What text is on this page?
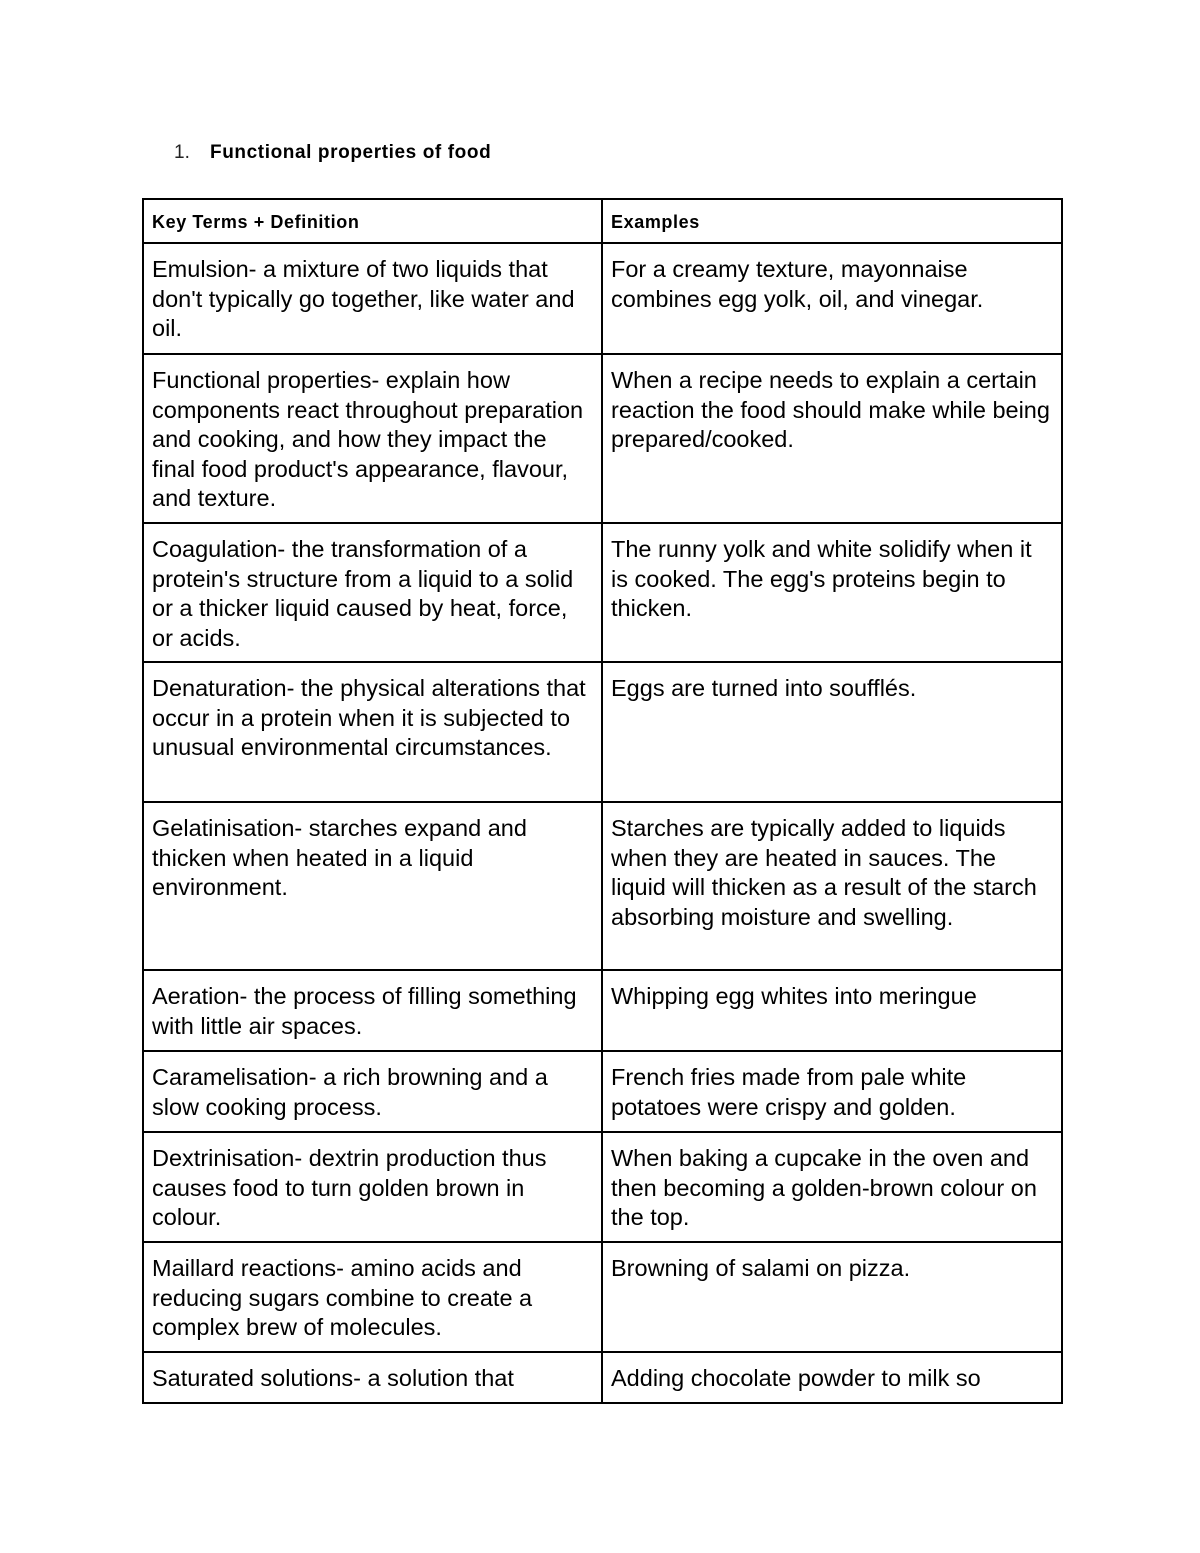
1. Functional properties of food
Key Terms + Definition	Examples
Emulsion- a mixture of two liquids that don't typically go together, like water and oil.	For a creamy texture, mayonnaise combines egg yolk, oil, and vinegar.
Functional properties- explain how components react throughout preparation and cooking, and how they impact the final food product's appearance, flavour, and texture.	When a recipe needs to explain a certain reaction the food should make while being prepared/cooked.
Coagulation- the transformation of a protein's structure from a liquid to a solid or a thicker liquid caused by heat, force, or acids.	The runny yolk and white solidify when it is cooked. The egg's proteins begin to thicken.
Denaturation- the physical alterations that occur in a protein when it is subjected to unusual environmental circumstances.	Eggs are turned into soufflés.
Gelatinisation- starches expand and thicken when heated in a liquid environment.	Starches are typically added to liquids when they are heated in sauces. The liquid will thicken as a result of the starch absorbing moisture and swelling.
Aeration- the process of filling something with little air spaces.	Whipping egg whites into meringue
Caramelisation- a rich browning and a slow cooking process.	French fries made from pale white potatoes were crispy and golden.
Dextrinisation- dextrin production thus causes food to turn golden brown in colour.	When baking a cupcake in the oven and then becoming a golden-brown colour on the top.
Maillard reactions- amino acids and reducing sugars combine to create a complex brew of molecules.	Browning of salami on pizza.
Saturated solutions- a solution that	Adding chocolate powder to milk so
